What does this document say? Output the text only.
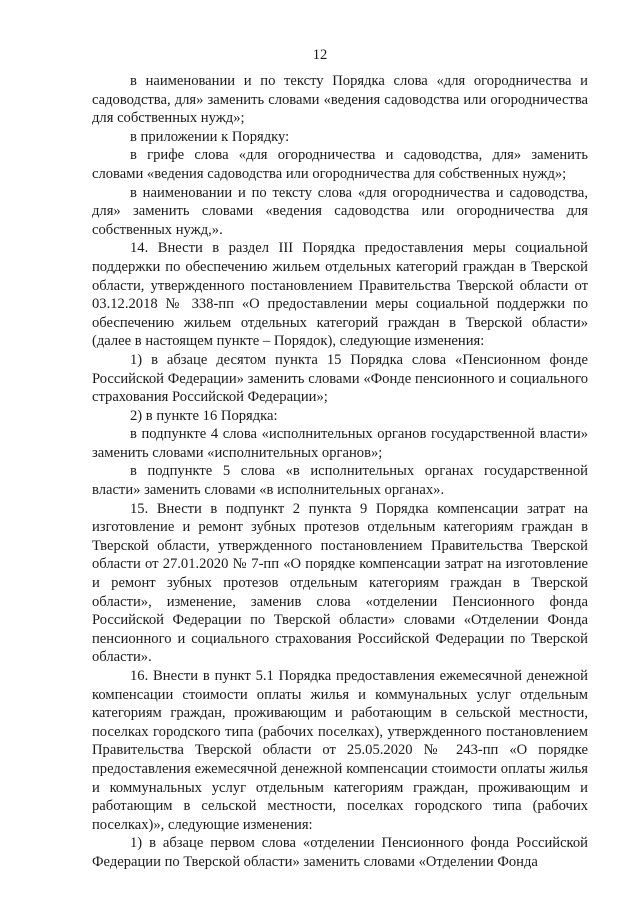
12

в наименовании и по тексту Порядка слова «для огородничества и садоводства, для» заменить словами «ведения садоводства или огородничества для собственных нужд»;

в приложении к Порядку:

в грифе слова «для огородничества и садоводства, для» заменить словами «ведения садоводства или огородничества для собственных нужд»;

в наименовании и по тексту слова «для огородничества и садоводства, для» заменить словами «ведения садоводства или огородничества для собственных нужд,».

14. Внести в раздел III Порядка предоставления меры социальной поддержки по обеспечению жильем отдельных категорий граждан в Тверской области, утвержденного постановлением Правительства Тверской области от 03.12.2018 № 338-пп «О предоставлении меры социальной поддержки по обеспечению жильем отдельных категорий граждан в Тверской области» (далее в настоящем пункте – Порядок), следующие изменения:

1) в абзаце десятом пункта 15 Порядка слова «Пенсионном фонде Российской Федерации» заменить словами «Фонде пенсионного и социального страхования Российской Федерации»;

2) в пункте 16 Порядка:

в подпункте 4 слова «исполнительных органов государственной власти» заменить словами «исполнительных органов»;

в подпункте 5 слова «в исполнительных органах государственной власти» заменить словами «в исполнительных органах».

15. Внести в подпункт 2 пункта 9 Порядка компенсации затрат на изготовление и ремонт зубных протезов отдельным категориям граждан в Тверской области, утвержденного постановлением Правительства Тверской области от 27.01.2020 № 7-пп «О порядке компенсации затрат на изготовление и ремонт зубных протезов отдельным категориям граждан в Тверской области», изменение, заменив слова «отделении Пенсионного фонда Российской Федерации по Тверской области» словами «Отделении Фонда пенсионного и социального страхования Российской Федерации по Тверской области».

16. Внести в пункт 5.1 Порядка предоставления ежемесячной денежной компенсации стоимости оплаты жилья и коммунальных услуг отдельным категориям граждан, проживающим и работающим в сельской местности, поселках городского типа (рабочих поселках), утвержденного постановлением Правительства Тверской области от 25.05.2020 № 243-пп «О порядке предоставления ежемесячной денежной компенсации стоимости оплаты жилья и коммунальных услуг отдельным категориям граждан, проживающим и работающим в сельской местности, поселках городского типа (рабочих поселках)», следующие изменения:

1) в абзаце первом слова «отделении Пенсионного фонда Российской Федерации по Тверской области» заменить словами «Отделении Фонда
